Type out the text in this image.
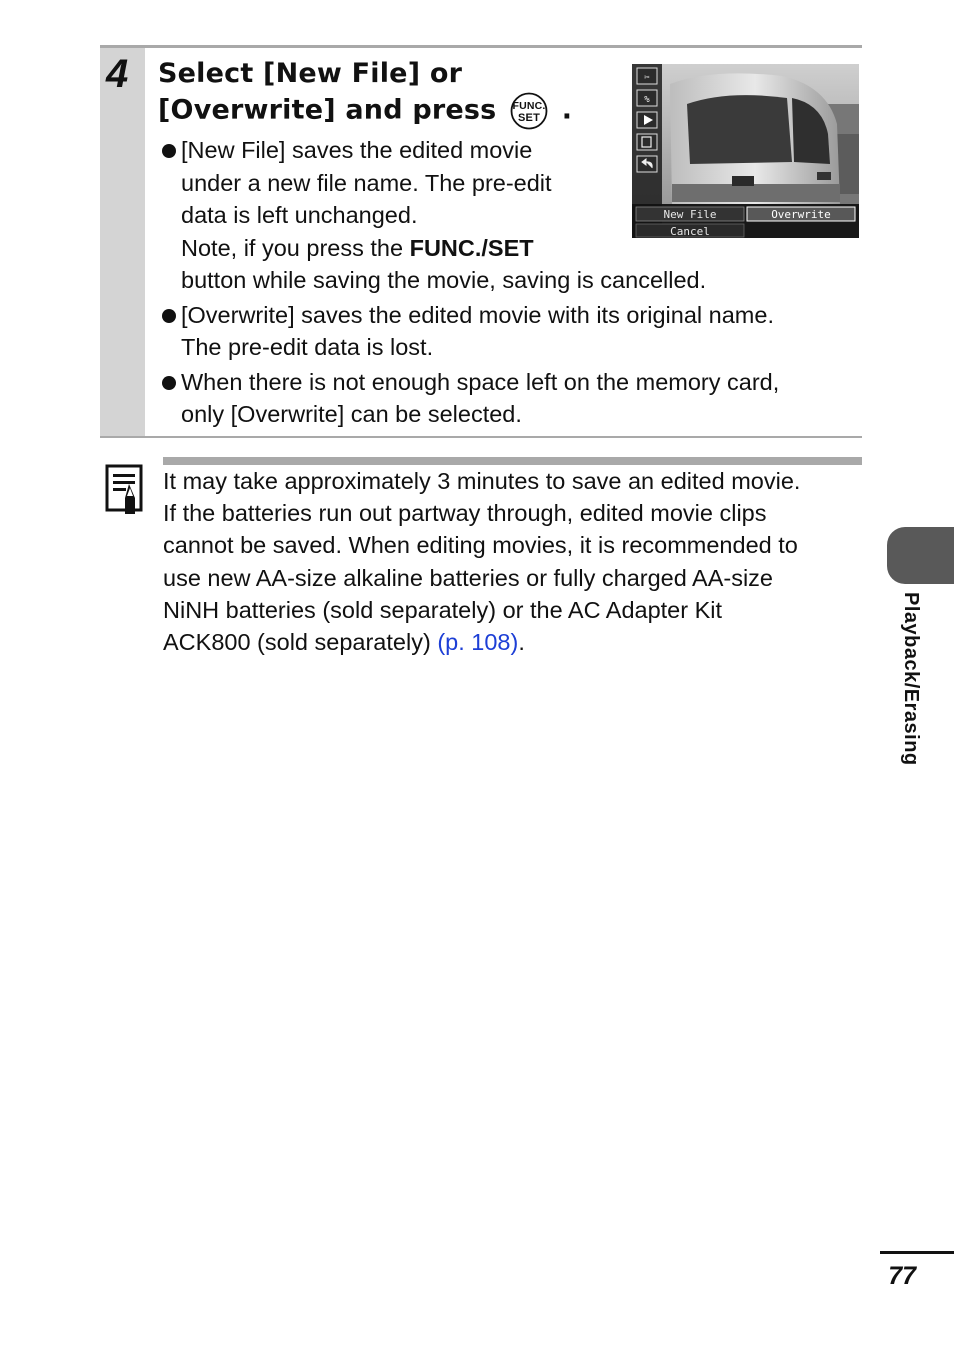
4 Select [New File] or
[Overwrite] and press FUNC.
SET .
✂
%
New File	Overwrite
Cancel
[New File] saves the edited movie
under a new file name. The pre-edit
data is left unchanged.
Note, if you press the FUNC./SET
button while saving the movie, saving is cancelled.
[Overwrite] saves the edited movie with its original name.
The pre-edit data is lost.
When there is not enough space left on the memory card,
only [Overwrite] can be selected.
It may take approximately 3 minutes to save an edited movie.
If the batteries run out partway through, edited movie clips
cannot be saved. When editing movies, it is recommended to
use new AA-size alkaline batteries or fully charged AA-size
NiNH batteries (sold separately) or the AC Adapter Kit
ACK800 (sold separately) (p. 108).	Playback/Erasing
77
